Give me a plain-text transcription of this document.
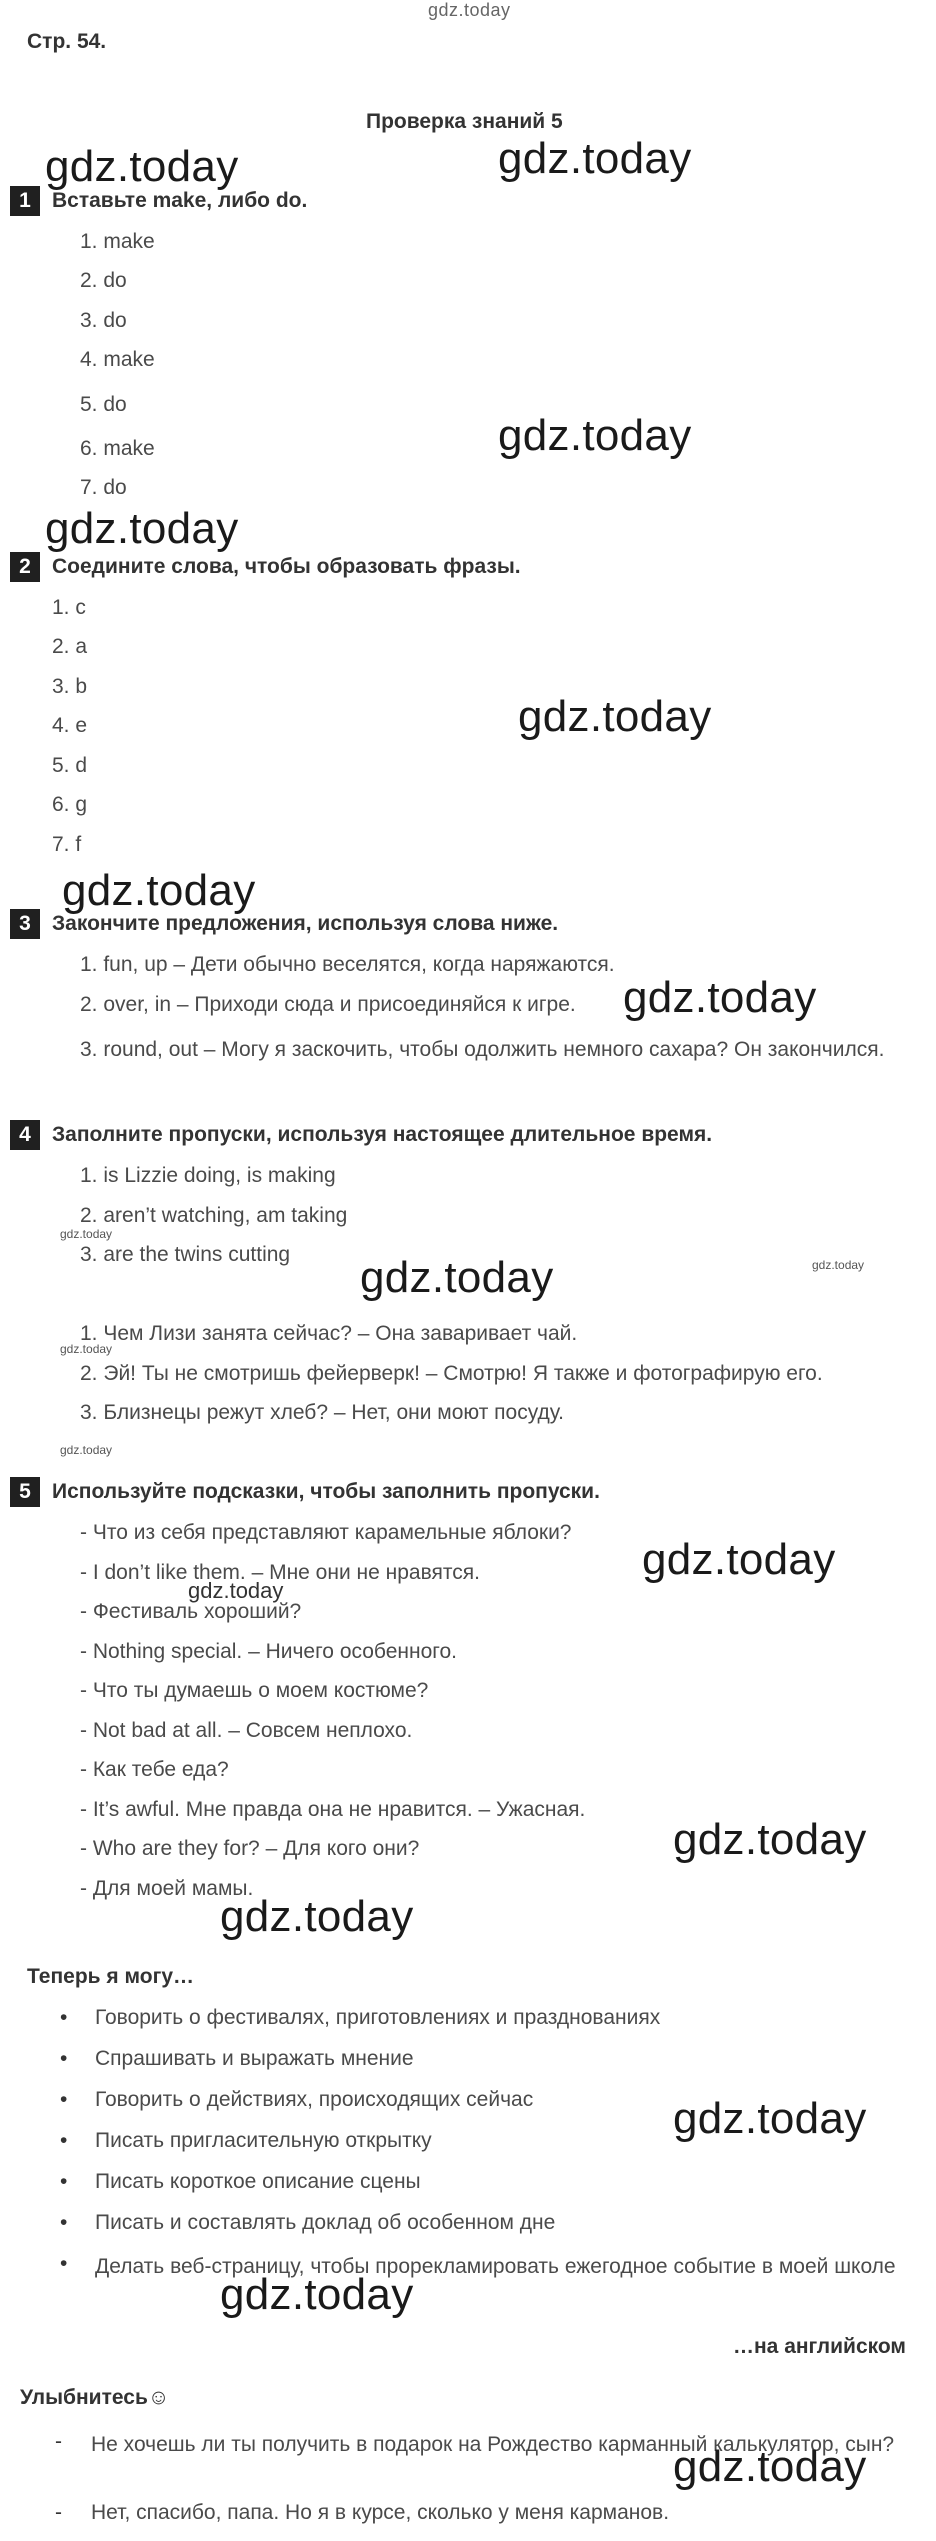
gdz.today
Стр. 54.
Проверка знаний 5
1	Вставьте make, либо do.
1. make
2. do
3. do
4. make
5. do
6. make
7. do
2	Соедините слова, чтобы образовать фразы.
1. c
2. a
3. b
4. e
5. d
6. g
7. f
3	Закончите предложения, используя слова ниже.
1. fun, up – Дети обычно веселятся, когда наряжаются.
2. over, in – Приходи сюда и присоединяйся к игре.
3. round, out – Могу я заскочить, чтобы одолжить немного сахара? Он закончился.
4	Заполните пропуски, используя настоящее длительное время.
1. is Lizzie doing, is making
2. aren’t watching, am taking
3. are the twins cutting
1. Чем Лизи занята сейчас? – Она заваривает чай.
2. Эй! Ты не смотришь фейерверк! – Смотрю! Я также и фотографирую его.
3. Близнецы режут хлеб? – Нет, они моют посуду.
5	Используйте подсказки, чтобы заполнить пропуски.
- Что из себя представляют карамельные яблоки?
- I don’t like them. – Мне они не нравятся.
- Фестиваль хороший?
- Nothing special. – Ничего особенного.
- Что ты думаешь о моем костюме?
- Not bad at all. – Совсем неплохо.
- Как тебе еда?
- It’s awful. Мне правда она не нравится. – Ужасная.
- Who are they for? – Для кого они?
- Для моей мамы.
Теперь я могу…
• Говорить о фестивалях, приготовлениях и празднованиях
• Спрашивать и выражать мнение
• Говорить о действиях, происходящих сейчас
• Писать пригласительную открытку
• Писать короткое описание сцены
• Писать и составлять доклад об особенном дне
• Делать веб-страницу, чтобы прорекламировать ежегодное событие в моей школе
…на английском
Улыбнитесь☺
- Не хочешь ли ты получить в подарок на Рождество карманный калькулятор, сын?
- Нет, спасибо, папа. Но я в курсе, сколько у меня карманов.
gdz.today	gdz.today
gdz.today
gdz.today
gdz.today
gdz.today
gdz.today
gdz.today
gdz.today	gdz.today
gdz.today
gdz.today
gdz.today
gdz.today
gdz.today
gdz.today
gdz.today
gdz.today
gdz.today
